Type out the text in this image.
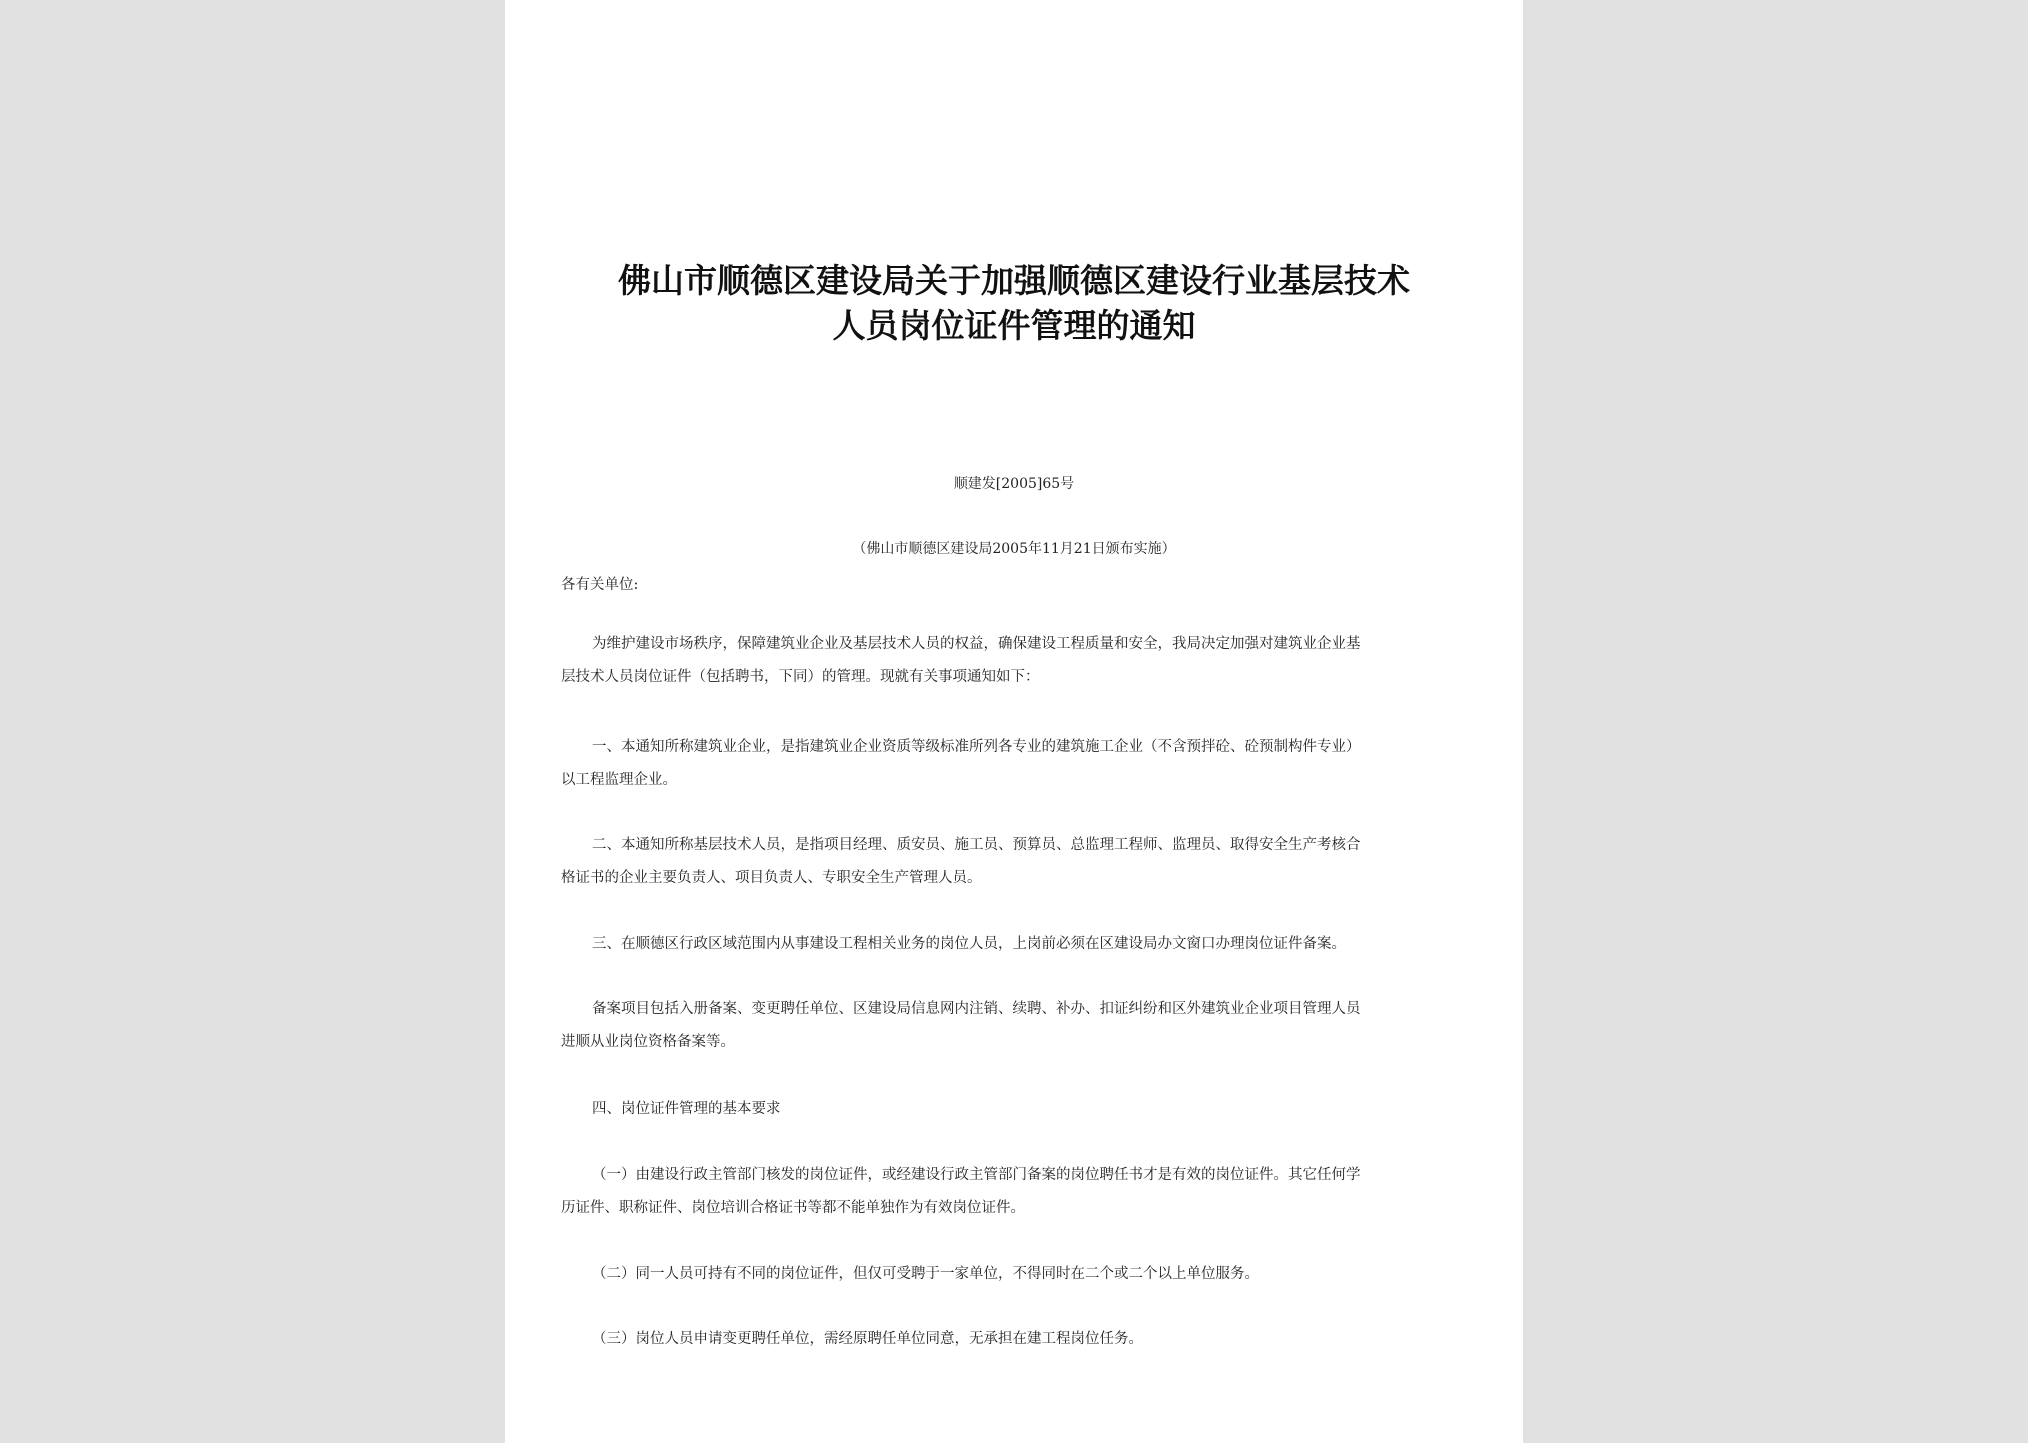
佛山市顺德区建设局关于加强顺德区建设行业基层技术
人员岗位证件管理的通知
顺建发[2005]65号
（佛山市顺德区建设局2005年11月21日颁布实施）
各有关单位:
为维护建设市场秩序，保障建筑业企业及基层技术人员的权益，确保建设工程质量和安全，我局决定加强对建筑业企业基
层技术人员岗位证件（包括聘书，下同）的管理。现就有关事项通知如下：
一、本通知所称建筑业企业，是指建筑业企业资质等级标准所列各专业的建筑施工企业（不含预拌砼、砼预制构件专业）
以工程监理企业。
二、本通知所称基层技术人员，是指项目经理、质安员、施工员、预算员、总监理工程师、监理员、取得安全生产考核合
格证书的企业主要负责人、项目负责人、专职安全生产管理人员。
三、在顺德区行政区域范围内从事建设工程相关业务的岗位人员，上岗前必须在区建设局办文窗口办理岗位证件备案。
备案项目包括入册备案、变更聘任单位、区建设局信息网内注销、续聘、补办、扣证纠纷和区外建筑业企业项目管理人员
进顺从业岗位资格备案等。
四、岗位证件管理的基本要求
（一）由建设行政主管部门核发的岗位证件，或经建设行政主管部门备案的岗位聘任书才是有效的岗位证件。其它任何学
历证件、职称证件、岗位培训合格证书等都不能单独作为有效岗位证件。
（二）同一人员可持有不同的岗位证件，但仅可受聘于一家单位，不得同时在二个或二个以上单位服务。
（三）岗位人员申请变更聘任单位，需经原聘任单位同意，无承担在建工程岗位任务。
